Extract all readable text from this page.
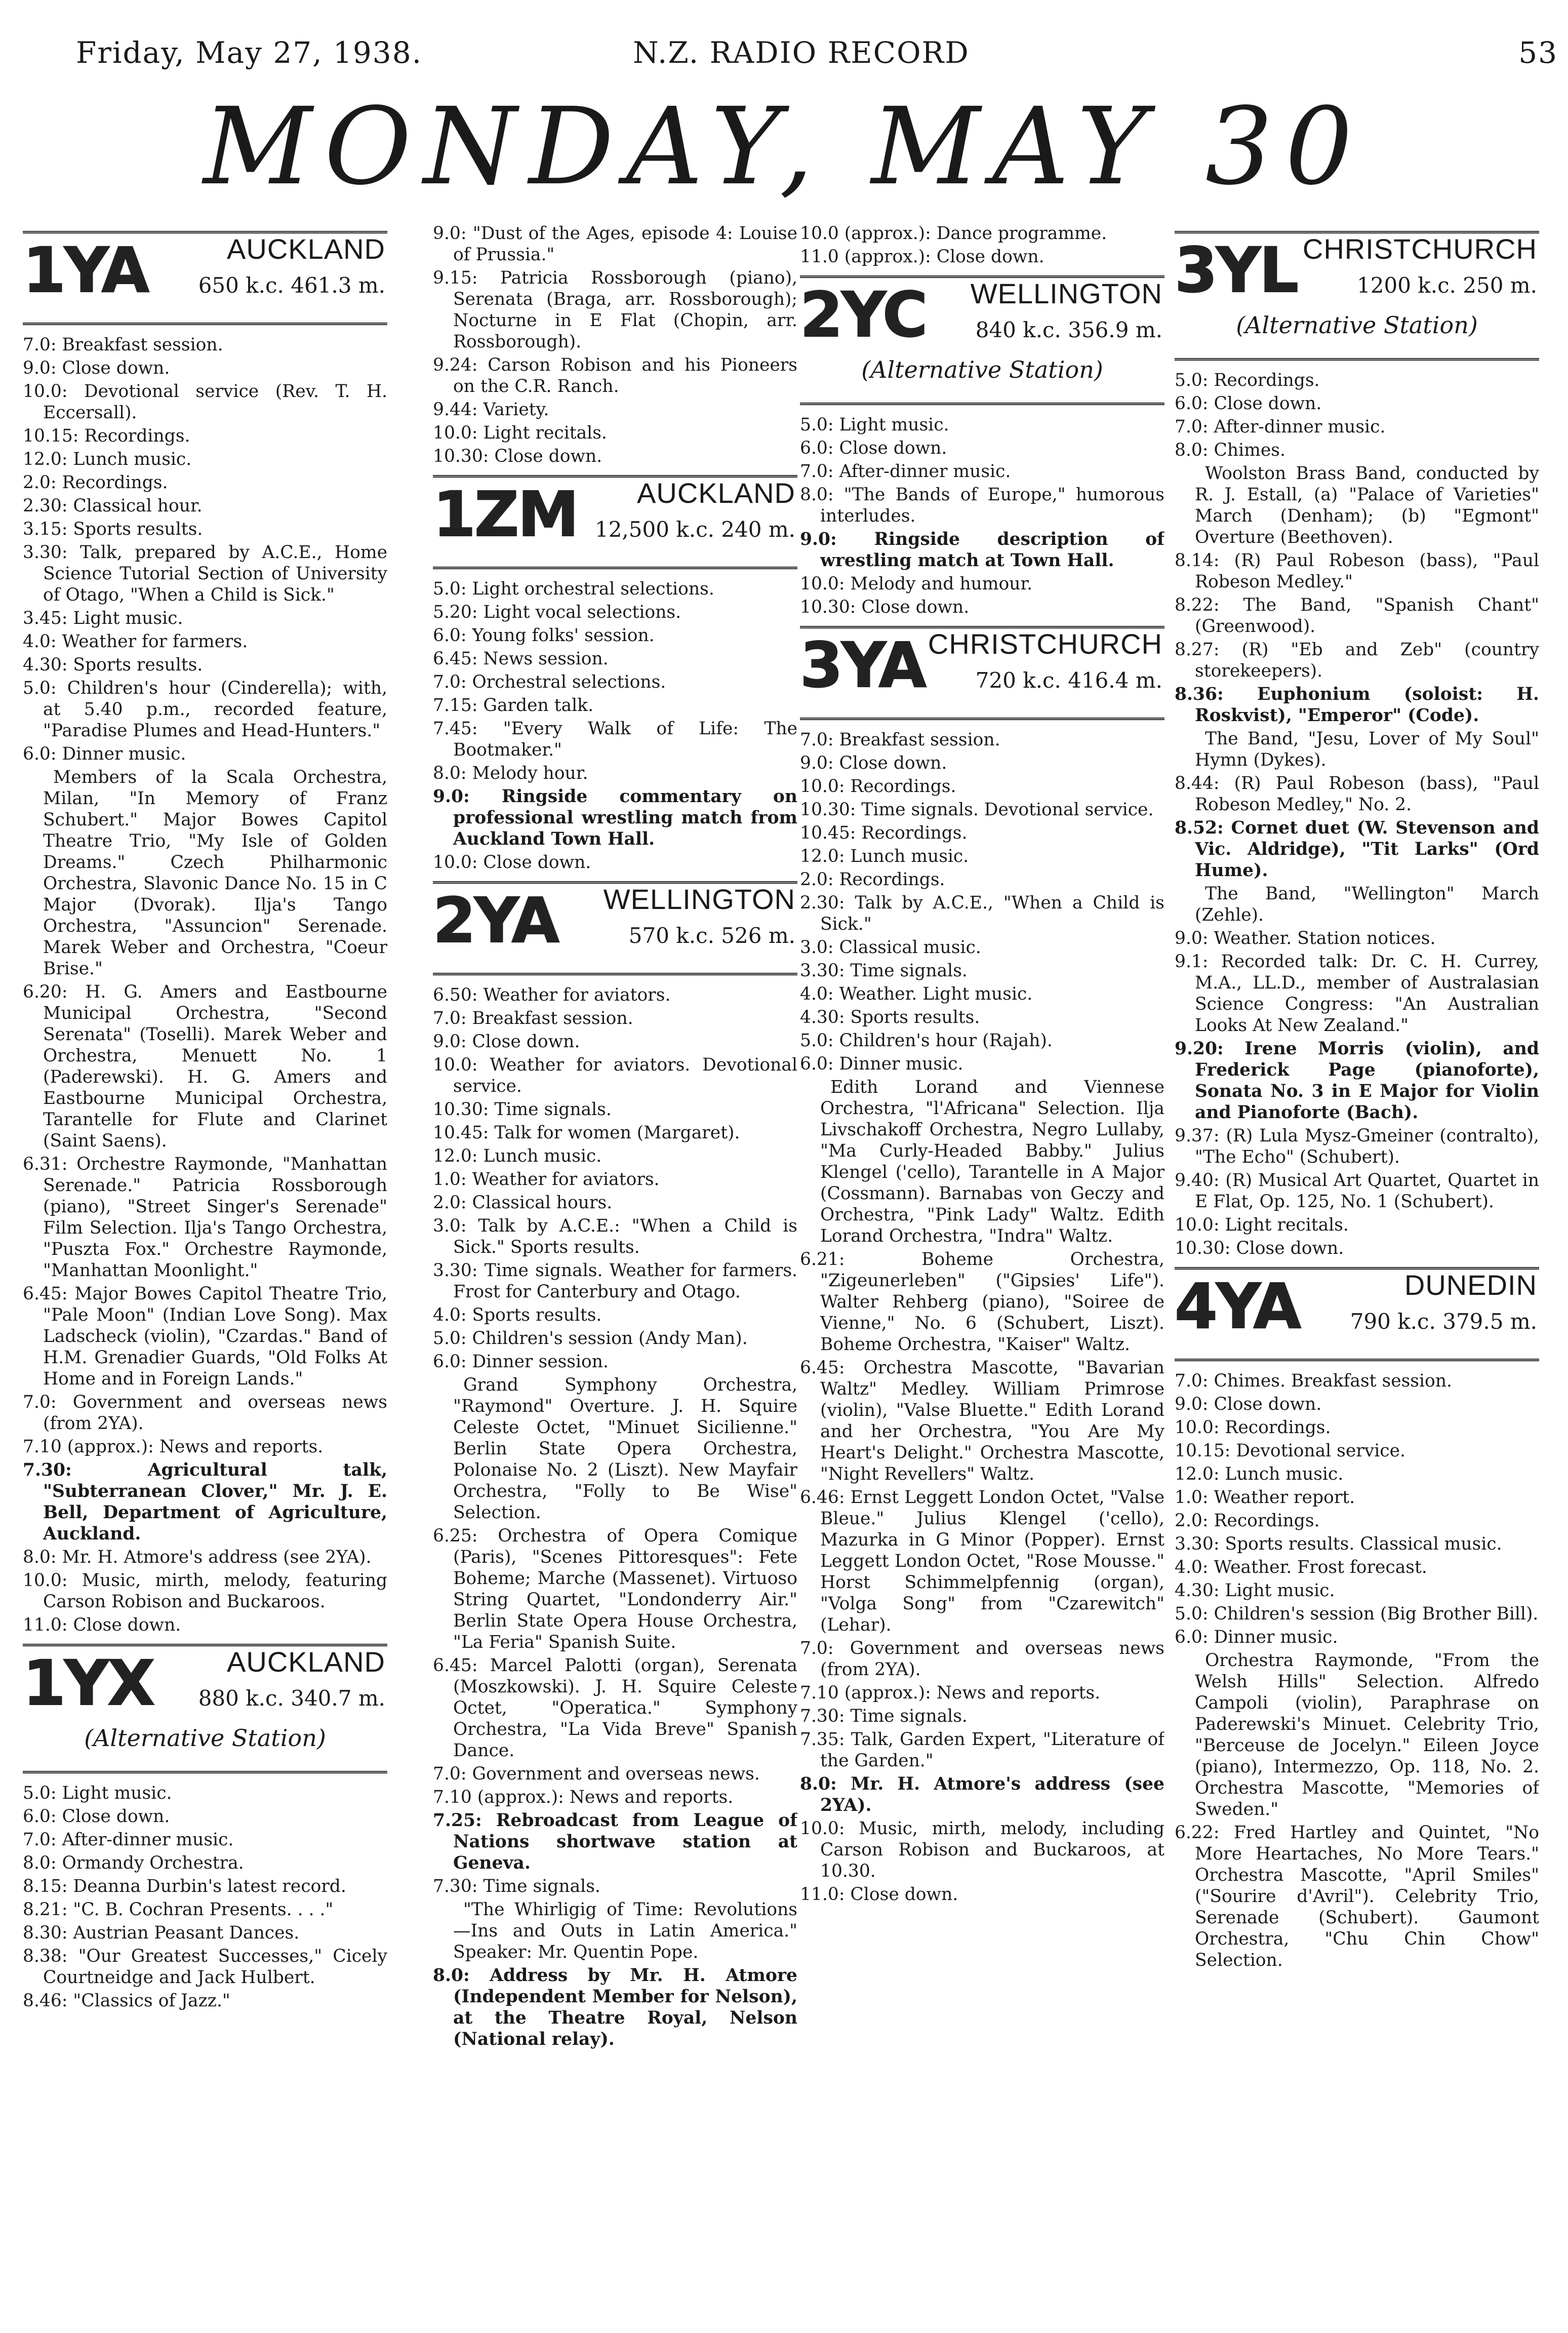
Friday, May 27, 1938.	N.Z. RADIO RECORD	53
MONDAY, MAY 30
1YA	AUCKLAND
650 k.c. 461.3 m.

7.0: Breakfast session.

9.0: Close down.

10.0: Devotional service (Rev. T. H. Eccersall).

10.15: Recordings.

12.0: Lunch music.

2.0: Recordings.

2.30: Classical hour.

3.15: Sports results.

3.30: Talk, prepared by A.C.E., Home Science Tutorial Section of University of Otago, "When a Child is Sick."

3.45: Light music.

4.0: Weather for farmers.

4.30: Sports results.

5.0: Children's hour (Cinderella); with, at 5.40 p.m., recorded feature, "Paradise Plumes and Head-Hunters."

6.0: Dinner music.

Members of la Scala Orchestra, Milan, "In Memory of Franz Schubert." Major Bowes Capitol Theatre Trio, "My Isle of Golden Dreams." Czech Philharmonic Orchestra, Slavonic Dance No. 15 in C Major (Dvorak). Ilja's Tango Orchestra, "Assuncion" Serenade. Marek Weber and Orchestra, "Coeur Brise."

6.20: H. G. Amers and Eastbourne Municipal Orchestra, "Second Serenata" (Toselli). Marek Weber and Orchestra, Menuett No. 1 (Paderewski). H. G. Amers and Eastbourne Municipal Orchestra, Tarantelle for Flute and Clarinet (Saint Saens).

6.31: Orchestre Raymonde, "Manhattan Serenade." Patricia Rossborough (piano), "Street Singer's Serenade" Film Selection. Ilja's Tango Orchestra, "Puszta Fox." Orchestre Raymonde, "Manhattan Moonlight."

6.45: Major Bowes Capitol Theatre Trio, "Pale Moon" (Indian Love Song). Max Ladscheck (violin), "Czardas." Band of H.M. Grenadier Guards, "Old Folks At Home and in Foreign Lands."

7.0: Government and overseas news (from 2YA).

7.10 (approx.): News and reports.

7.30: Agricultural talk, "Subterranean Clover," Mr. J. E. Bell, Department of Agriculture, Auckland.

8.0: Mr. H. Atmore's address (see 2YA).

10.0: Music, mirth, melody, featuring Carson Robison and Buckaroos.

11.0: Close down.

1YX	AUCKLAND
880 k.c. 340.7 m.
(Alternative Station)

5.0: Light music.

6.0: Close down.

7.0: After-dinner music.

8.0: Ormandy Orchestra.

8.15: Deanna Durbin's latest record.

8.21: "C. B. Cochran Presents. . . ."

8.30: Austrian Peasant Dances.

8.38: "Our Greatest Successes," Cicely Courtneidge and Jack Hulbert.

8.46: "Classics of Jazz."

9.0: "Dust of the Ages, episode 4: Louise of Prussia."

9.15: Patricia Rossborough (piano), Serenata (Braga, arr. Rossborough); Nocturne in E Flat (Chopin, arr. Rossborough).

9.24: Carson Robison and his Pioneers on the C.R. Ranch.

9.44: Variety.

10.0: Light recitals.

10.30: Close down.

1ZM AUCKLAND
12,500 k.c. 240 m.

5.0: Light orchestral selections.

5.20: Light vocal selections.

6.0: Young folks' session.

6.45: News session.

7.0: Orchestral selections.

7.15: Garden talk.

7.45: "Every Walk of Life: The Bootmaker."

8.0: Melody hour.

9.0: Ringside commentary on professional wrestling match from Auckland Town Hall.

10.0: Close down.

2YA WELLINGTON
570 k.c. 526 m.

6.50: Weather for aviators.

7.0: Breakfast session.

9.0: Close down.

10.0: Weather for aviators. Devotional service.

10.30: Time signals.

10.45: Talk for women (Margaret).

12.0: Lunch music.

1.0: Weather for aviators.

2.0: Classical hours.

3.0: Talk by A.C.E.: "When a Child is Sick." Sports results.

3.30: Time signals. Weather for farmers. Frost for Canterbury and Otago.

4.0: Sports results.

5.0: Children's session (Andy Man).

6.0: Dinner session.

Grand Symphony Orchestra, "Raymond" Overture. J. H. Squire Celeste Octet, "Minuet Sicilienne." Berlin State Opera Orchestra, Polonaise No. 2 (Liszt). New Mayfair Orchestra, "Folly to Be Wise" Selection.

6.25: Orchestra of Opera Comique (Paris), "Scenes Pittoresques": Fete Boheme; Marche (Massenet). Virtuoso String Quartet, "Londonderry Air." Berlin State Opera House Orchestra, "La Feria" Spanish Suite.

6.45: Marcel Palotti (organ), Serenata (Moszkowski). J. H. Squire Celeste Octet, "Operatica." Symphony Orchestra, "La Vida Breve" Spanish Dance.

7.0: Government and overseas news.

7.10 (approx.): News and reports.

7.25: Rebroadcast from League of Nations shortwave station at Geneva.

7.30: Time signals.

"The Whirligig of Time: Revolutions—Ins and Outs in Latin America." Speaker: Mr. Quentin Pope.

8.0: Address by Mr. H. Atmore (Independent Member for Nelson), at the Theatre Royal, Nelson (National relay).

10.0 (approx.): Dance programme.

11.0 (approx.): Close down.

2YC WELLINGTON
840 k.c. 356.9 m.
(Alternative Station)

5.0: Light music.

6.0: Close down.

7.0: After-dinner music.

8.0: "The Bands of Europe," humorous interludes.

9.0: Ringside description of wrestling match at Town Hall.

10.0: Melody and humour.

10.30: Close down.

3YA CHRISTCHURCH
720 k.c. 416.4 m.

7.0: Breakfast session.

9.0: Close down.

10.0: Recordings.

10.30: Time signals. Devotional service.

10.45: Recordings.

12.0: Lunch music.

2.0: Recordings.

2.30: Talk by A.C.E., "When a Child is Sick."

3.0: Classical music.

3.30: Time signals.

4.0: Weather. Light music.

4.30: Sports results.

5.0: Children's hour (Rajah).

6.0: Dinner music.

Edith Lorand and Viennese Orchestra, "l'Africana" Selection. Ilja Livschakoff Orchestra, Negro Lullaby, "Ma Curly-Headed Babby." Julius Klengel ('cello), Tarantelle in A Major (Cossmann). Barnabas von Geczy and Orchestra, "Pink Lady" Waltz. Edith Lorand Orchestra, "Indra" Waltz.

6.21: Boheme Orchestra, "Zigeunerleben" ("Gipsies' Life"). Walter Rehberg (piano), "Soiree de Vienne," No. 6 (Schubert, Liszt). Boheme Orchestra, "Kaiser" Waltz.

6.45: Orchestra Mascotte, "Bavarian Waltz" Medley. William Primrose (violin), "Valse Bluette." Edith Lorand and her Orchestra, "You Are My Heart's Delight." Orchestra Mascotte, "Night Revellers" Waltz.

6.46: Ernst Leggett London Octet, "Valse Bleue." Julius Klengel ('cello), Mazurka in G Minor (Popper). Ernst Leggett London Octet, "Rose Mousse." Horst Schimmelpfennig (organ), "Volga Song" from "Czarewitch" (Lehar).

7.0: Government and overseas news (from 2YA).

7.10 (approx.): News and reports.

7.30: Time signals.

7.35: Talk, Garden Expert, "Literature of the Garden."

8.0: Mr. H. Atmore's address (see 2YA).

10.0: Music, mirth, melody, including Carson Robison and Buckaroos, at 10.30.

11.0: Close down.

3YL CHRISTCHURCH
1200 k.c. 250 m.
(Alternative Station)

5.0: Recordings.

6.0: Close down.

7.0: After-dinner music.

8.0: Chimes.

Woolston Brass Band, conducted by R. J. Estall, (a) "Palace of Varieties" March (Denham); (b) "Egmont" Overture (Beethoven).

8.14: (R) Paul Robeson (bass), "Paul Robeson Medley."

8.22: The Band, "Spanish Chant" (Greenwood).

8.27: (R) "Eb and Zeb" (country storekeepers).

8.36: Euphonium (soloist: H. Roskvist), "Emperor" (Code).

The Band, "Jesu, Lover of My Soul" Hymn (Dykes).

8.44: (R) Paul Robeson (bass), "Paul Robeson Medley," No. 2.

8.52: Cornet duet (W. Stevenson and Vic. Aldridge), "Tit Larks" (Ord Hume).

The Band, "Wellington" March (Zehle).

9.0: Weather. Station notices.

9.1: Recorded talk: Dr. C. H. Currey, M.A., LL.D., member of Australasian Science Congress: "An Australian Looks At New Zealand."

9.20: Irene Morris (violin), and Frederick Page (pianoforte), Sonata No. 3 in E Major for Violin and Pianoforte (Bach).

9.37: (R) Lula Mysz-Gmeiner (contralto), "The Echo" (Schubert).

9.40: (R) Musical Art Quartet, Quartet in E Flat, Op. 125, No. 1 (Schubert).

10.0: Light recitals.

10.30: Close down.

4YA	DUNEDIN
790 k.c. 379.5 m.

7.0: Chimes. Breakfast session.

9.0: Close down.

10.0: Recordings.

10.15: Devotional service.

12.0: Lunch music.

1.0: Weather report.

2.0: Recordings.

3.30: Sports results. Classical music.

4.0: Weather. Frost forecast.

4.30: Light music.

5.0: Children's session (Big Brother Bill).

6.0: Dinner music.

Orchestra Raymonde, "From the Welsh Hills" Selection. Alfredo Campoli (violin), Paraphrase on Paderewski's Minuet. Celebrity Trio, "Berceuse de Jocelyn." Eileen Joyce (piano), Intermezzo, Op. 118, No. 2. Orchestra Mascotte, "Memories of Sweden."

6.22: Fred Hartley and Quintet, "No More Heartaches, No More Tears." Orchestra Mascotte, "April Smiles" ("Sourire d'Avril"). Celebrity Trio, Serenade (Schubert). Gaumont Orchestra, "Chu Chin Chow" Selection.
